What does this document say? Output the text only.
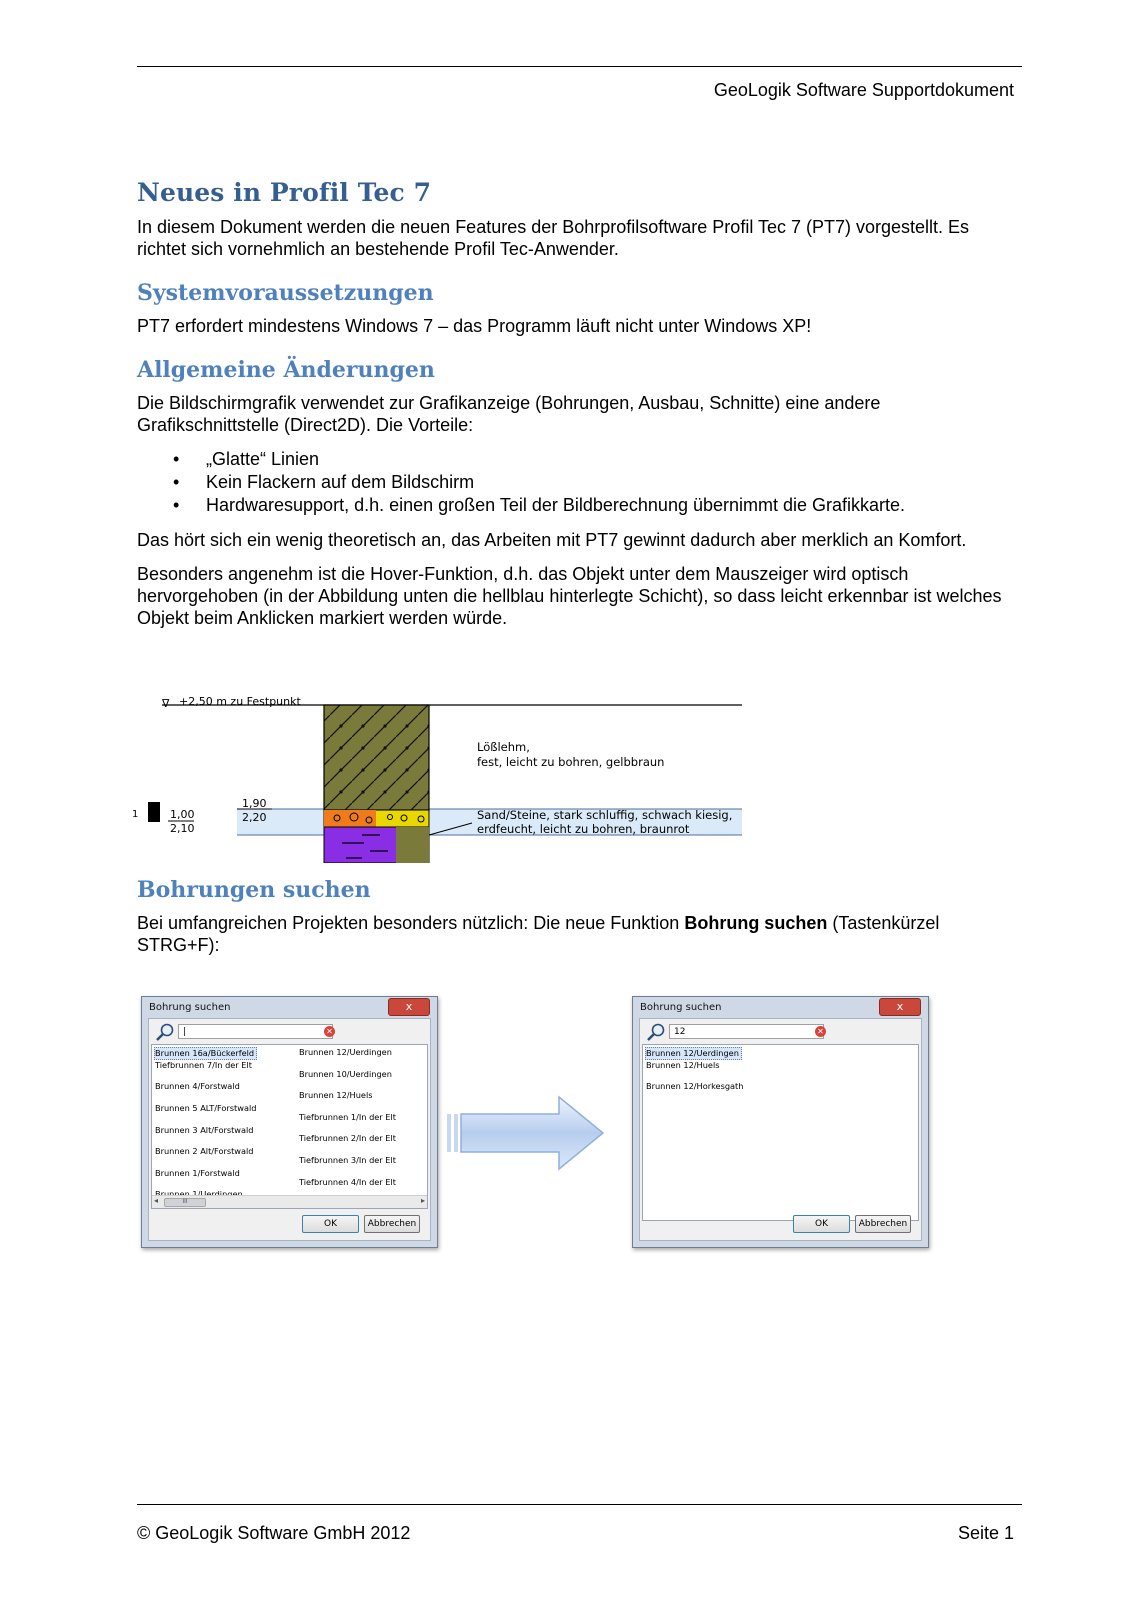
GeoLogik Software Supportdokument
Neues in Profil Tec 7

In diesem Dokument werden die neuen Features der Bohrprofilsoftware Profil Tec 7 (PT7) vorgestellt. Es richtet sich vornehmlich an bestehende Profil Tec-Anwender.

Systemvoraussetzungen

PT7 erfordert mindestens Windows 7 – das Programm läuft nicht unter Windows XP!

Allgemeine Änderungen

Die Bildschirmgrafik verwendet zur Grafikanzeige (Bohrungen, Ausbau, Schnitte) eine andere Grafikschnittstelle (Direct2D). Die Vorteile:

• „Glatte“ Linien
• Kein Flackern auf dem Bildschirm
• Hardwaresupport, d.h. einen großen Teil der Bildberechnung übernimmt die Grafikkarte.

Das hört sich ein wenig theoretisch an, das Arbeiten mit PT7 gewinnt dadurch aber merklich an Komfort.

Besonders angenehm ist die Hover-Funktion, d.h. das Objekt unter dem Mauszeiger wird optisch hervorgehoben (in der Abbildung unten die hellblau hinterlegte Schicht), so dass leicht erkennbar ist welches Objekt beim Anklicken markiert werden würde.

∇ +2,50 m zu Festpunkt
1,90
2,20
1	1,00
2,10
Lößlehm,
fest, leicht zu bohren, gelbbraun
Sand/Steine, stark schluffig, schwach kiesig,
erdfeucht, leicht zu bohren, braunrot
Bohrungen suchen

Bei umfangreichen Projekten besonders nützlich: Die neue Funktion Bohrung suchen (Tastenkürzel STRG+F):

Bohrung suchen	x
|	✕
Brunnen 16a/Bückerfeld

Tiefbrunnen 7/In der Elt

Brunnen 4/Forstwald

Brunnen 5 ALT/Forstwald

Brunnen 3 Alt/Forstwald

Brunnen 2 Alt/Forstwald

Brunnen 1/Forstwald

Brunnen 12/Uerdingen

Brunnen 10/Uerdingen

Brunnen 12/Huels

Tiefbrunnen 1/In der Elt

Tiefbrunnen 2/In der Elt

Tiefbrunnen 3/In der Elt

Tiefbrunnen 4/In der Elt

◂	III	▸
OK	Abbrechen
Bohrung suchen	x
12	✕
Brunnen 12/Uerdingen

Brunnen 12/Huels

Brunnen 12/Horkesgath

OK	Abbrechen
© GeoLogik Software GmbH 2012	Seite 1
